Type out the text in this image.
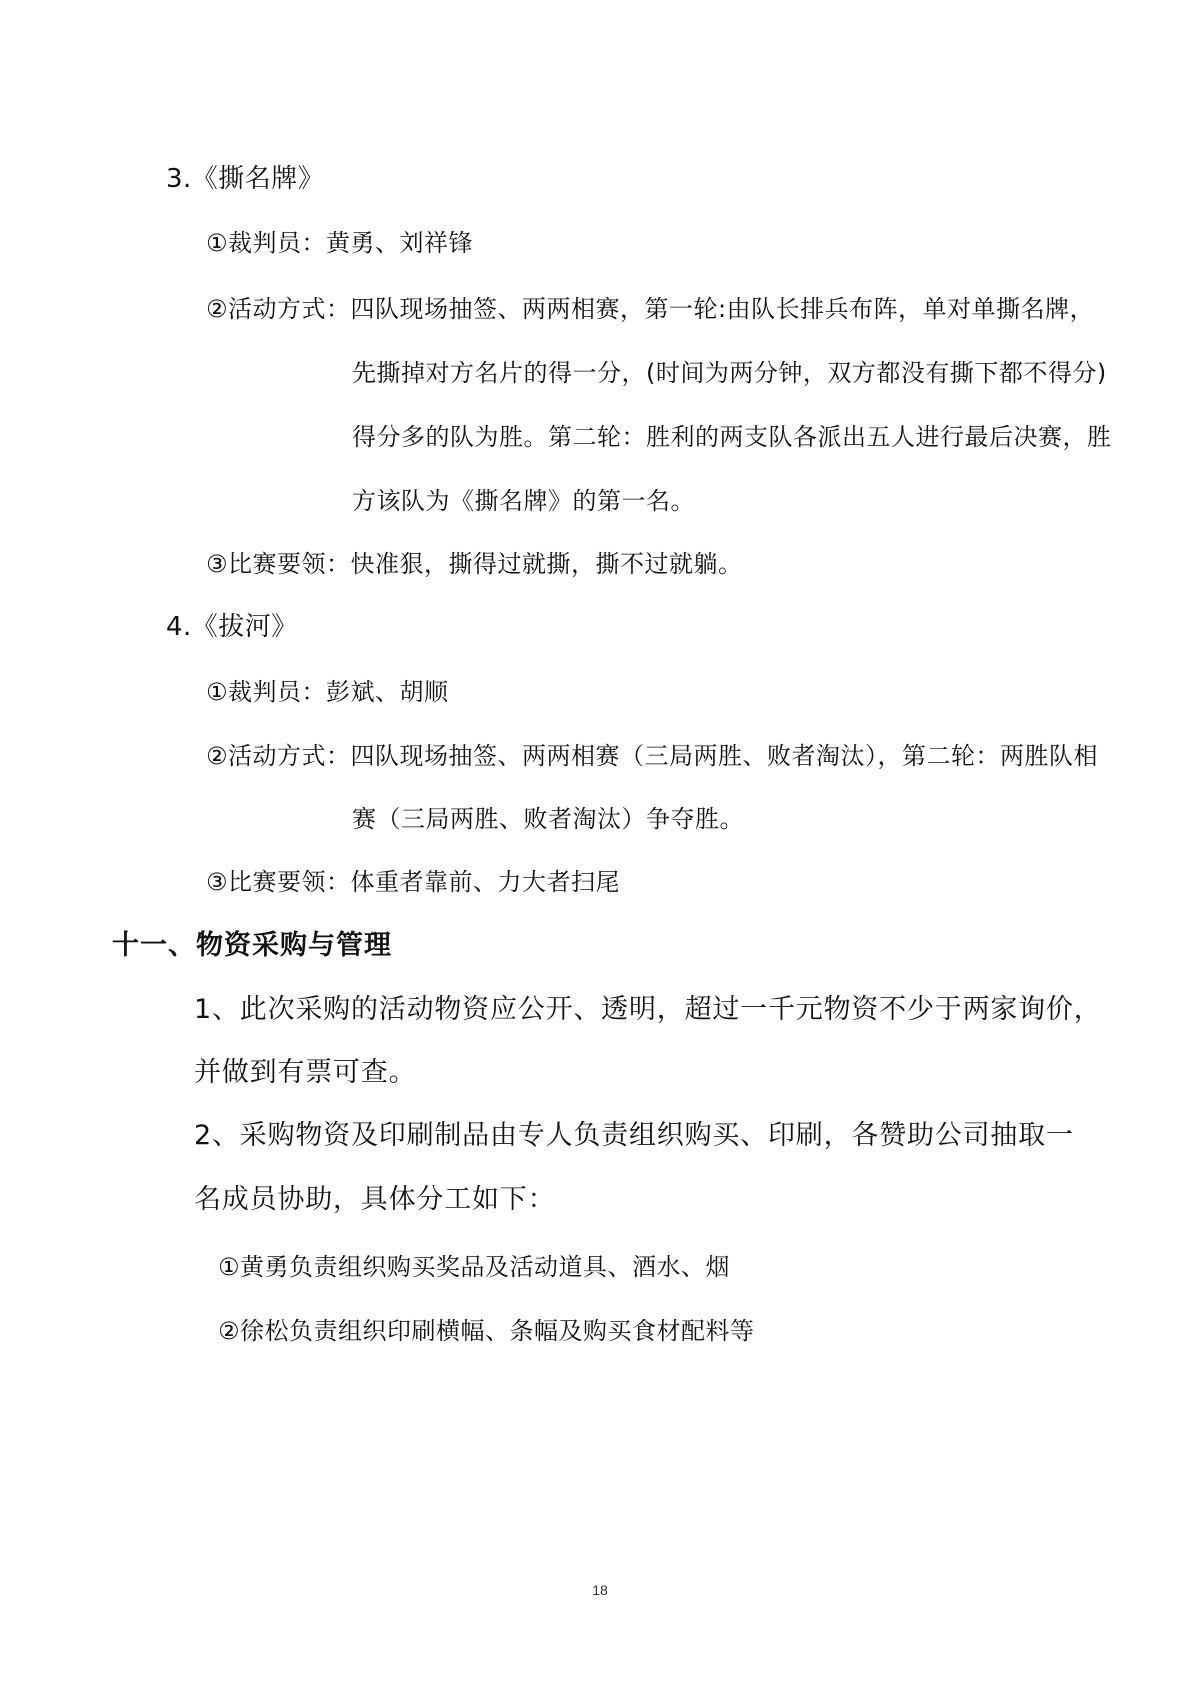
3.《撕名牌》
①裁判员：黄勇、刘祥锋
②活动方式：四队现场抽签、两两相赛，第一轮:由队长排兵布阵，单对单撕名牌，
先撕掉对方名片的得一分，(时间为两分钟，双方都没有撕下都不得分)
得分多的队为胜。第二轮：胜利的两支队各派出五人进行最后决赛，胜
方该队为《撕名牌》的第一名。
③比赛要领：快准狠，撕得过就撕，撕不过就躺。
4.《拔河》
①裁判员：彭斌、胡顺
②活动方式：四队现场抽签、两两相赛（三局两胜、败者淘汰），第二轮：两胜队相
赛（三局两胜、败者淘汰）争夺胜。
③比赛要领：体重者靠前、力大者扫尾
十一、物资采购与管理
1、此次采购的活动物资应公开、透明，超过一千元物资不少于两家询价，
并做到有票可查。
2、采购物资及印刷制品由专人负责组织购买、印刷，各赞助公司抽取一
名成员协助，具体分工如下：
①黄勇负责组织购买奖品及活动道具、酒水、烟
②徐松负责组织印刷横幅、条幅及购买食材配料等
18
